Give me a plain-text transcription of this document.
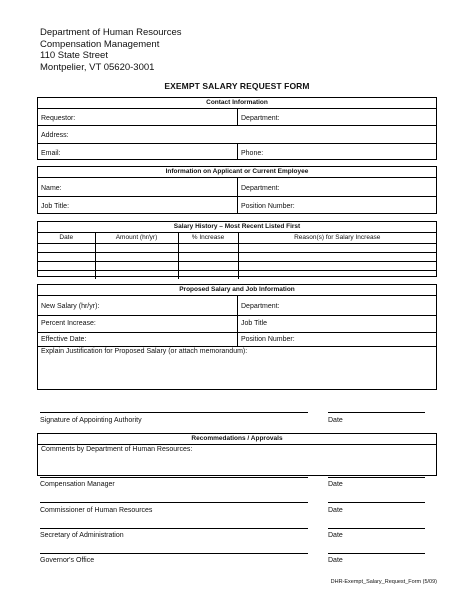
Department of Human Resources
Compensation Management
110 State Street
Montpelier, VT 05620-3001
EXEMPT SALARY REQUEST FORM
Contact Information
Requestor:	Department:
Address:
Email:	Phone:
Information on Applicant or Current Employee
Name:	Department:
Job Title:	Position Number:
Salary History – Most Recent Listed First
Date	Amount (hr/yr)	% Increase	Reason(s) for Salary Increase

Proposed Salary and Job Information
New Salary (hr/yr):	Department:
Percent Increase:	Job Title
Effective Date:	Position Number:
Explain Justification for Proposed Salary (or attach memorandum):
Signature of Appointing Authority	Date
Recommedations / Approvals
Comments by Department of Human Resources:
Compensation Manager	Date
Commissioner of Human Resources	Date
Secretary of Administration	Date
Governor's Office	Date
DHR-Exempt_Salary_Request_Form (5/09)
